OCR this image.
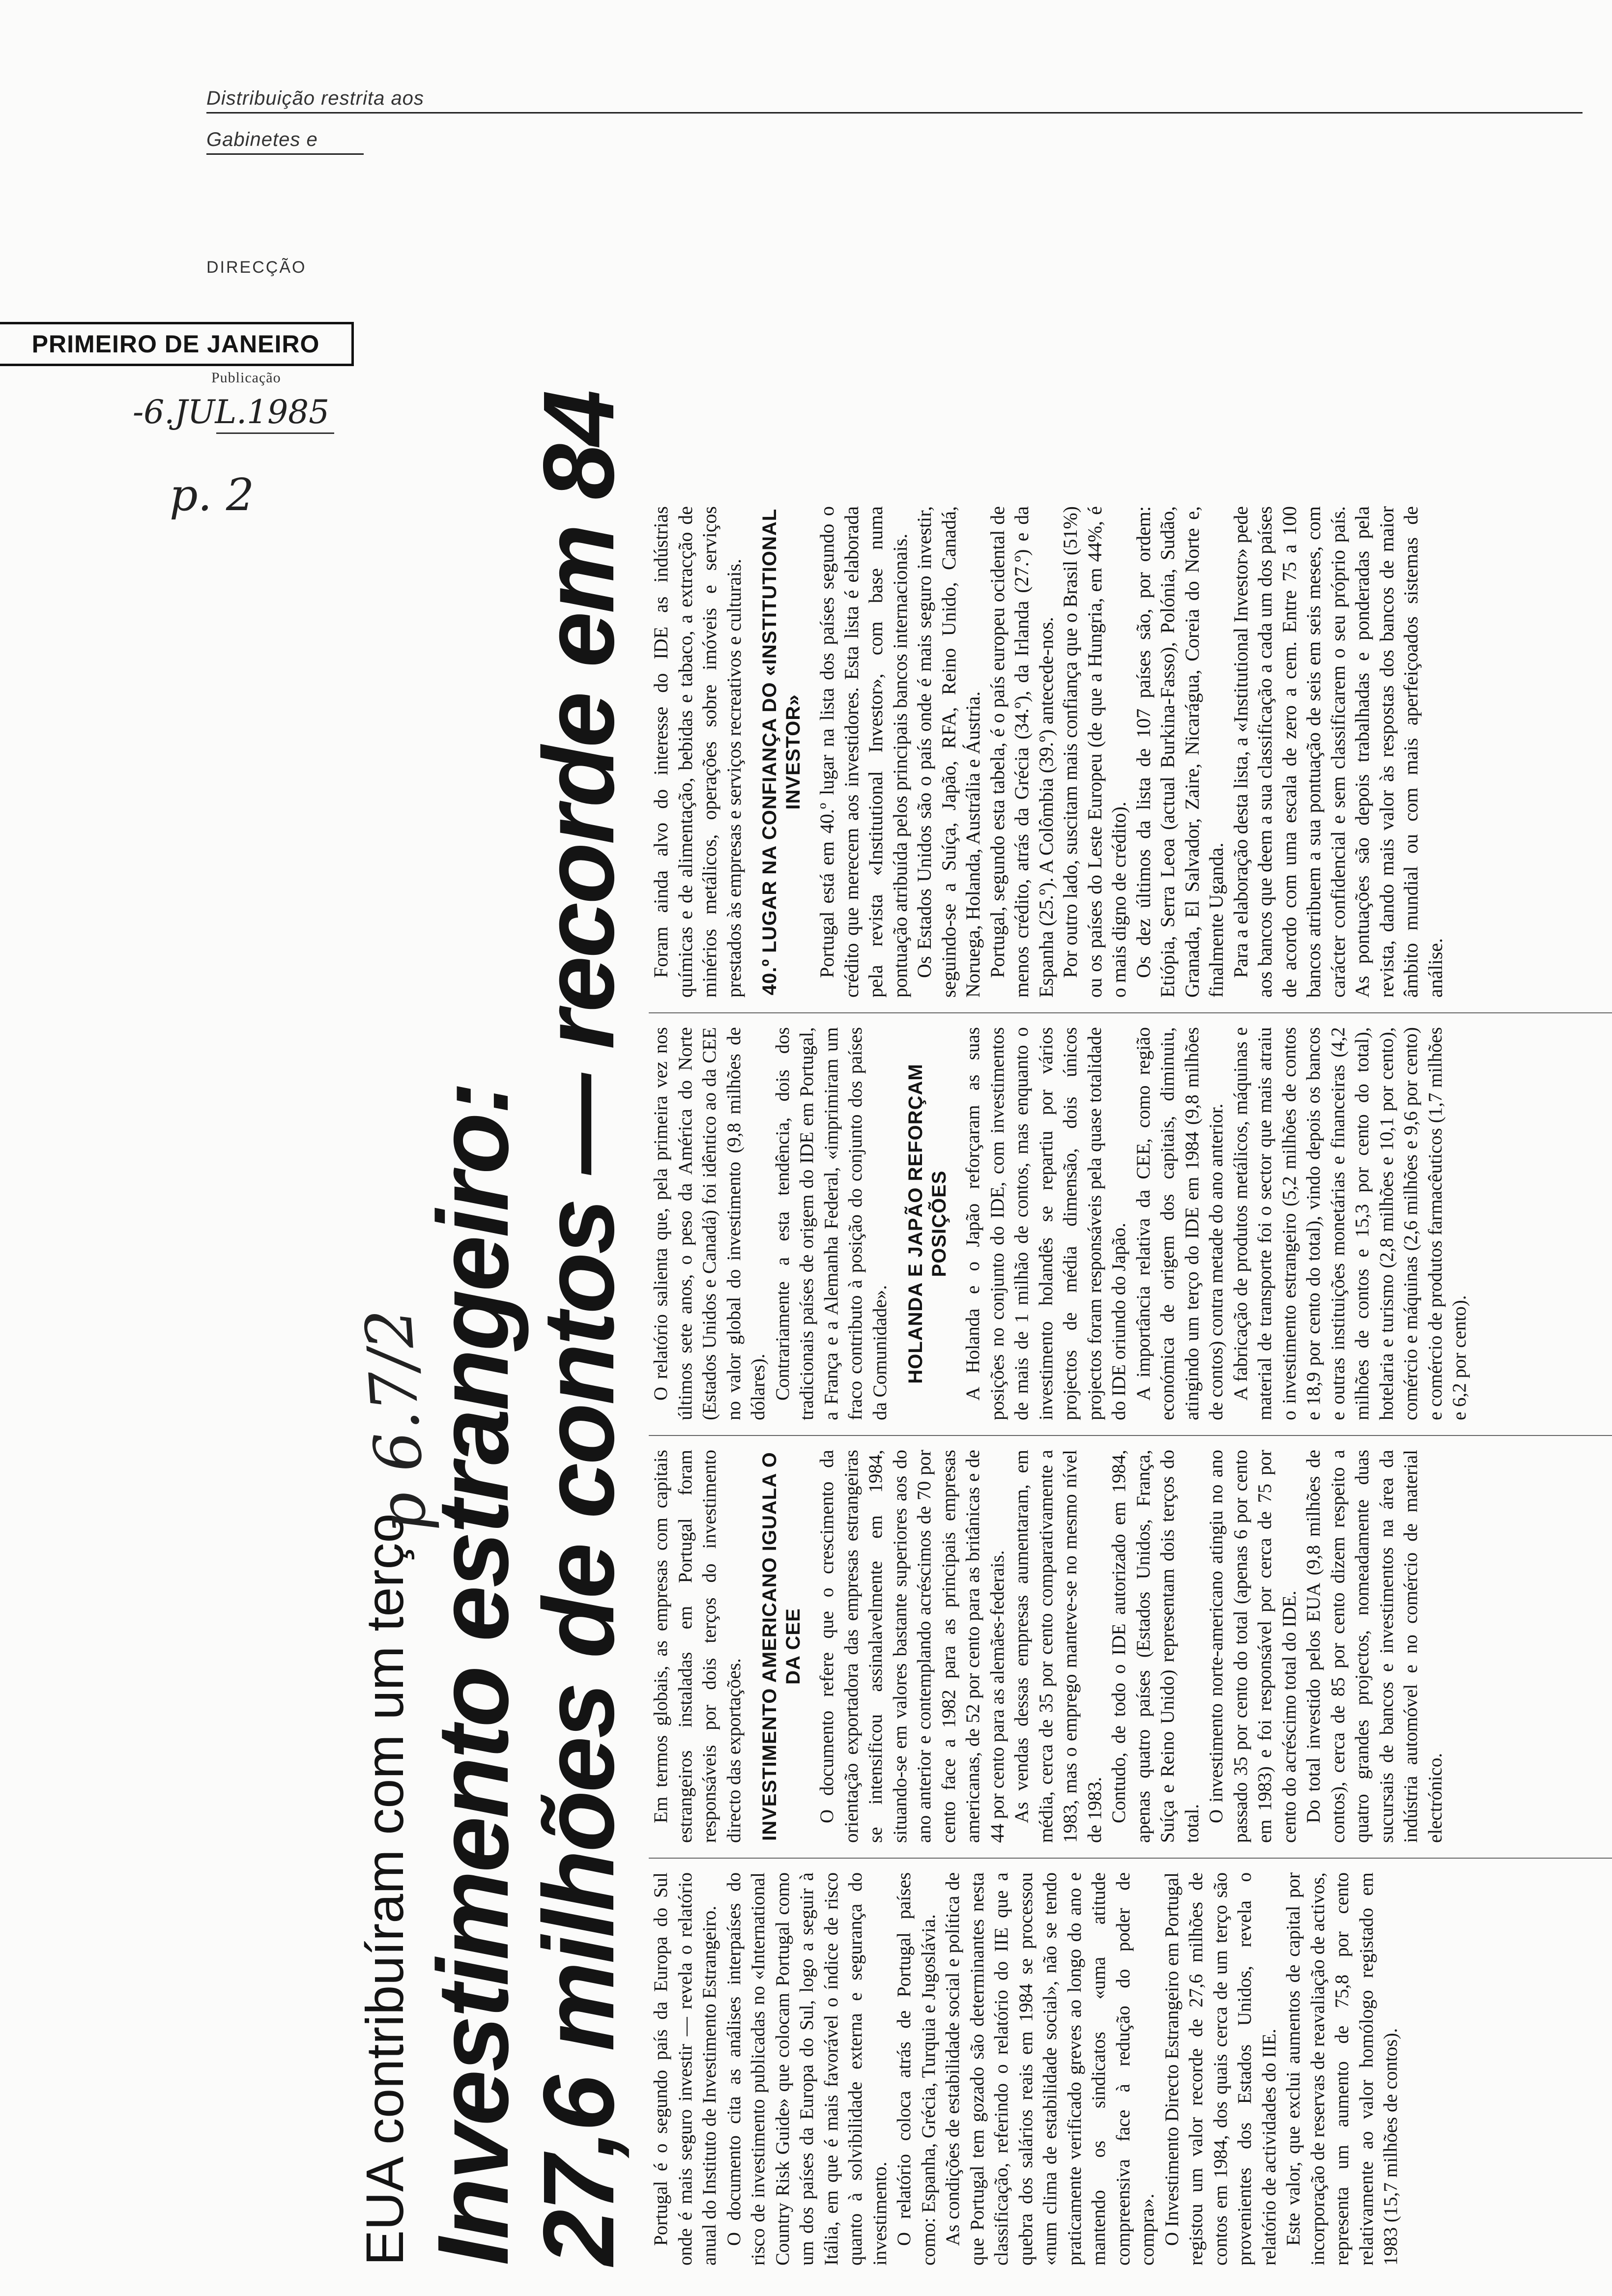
Distribuição restrita aos
Gabinetes e
DIRECÇÃO
PRIMEIRO DE JANEIRO
Publicação
-6.JUL.1985
p. 2
EUA contribuíram com um terço
p 6.7/2
Investimento estrangeiro:
27,6 milhões de contos — recorde em 84 Portugal é o segundo país da Europa do Sul onde é mais seguro investir — revela o relatório anual do Instituto de Investimento Estrangeiro. O documento cita as análises interpaíses do risco de investimento publicadas no «International Country Risk Guide» que colocam Portugal como um dos países da Europa do Sul, logo a seguir à Itália, em que é mais favorável o índice de risco quanto à solvibilidade externa e segurança do investimento. O relatório coloca atrás de Portugal países como: Espanha, Grécia, Turquia e Jugoslávia. As condições de estabilidade social e política de que Portugal tem gozado são determinantes nesta classificação, referindo o relatório do IIE que a quebra dos salários reais em 1984 se processou «num clima de estabilidade social», não se tendo praticamente verificado greves ao longo do ano e mantendo os sindicatos «uma atitude compreensiva face à redução do poder de compra». O Investimento Directo Estrangeiro em Portugal registou um valor recorde de 27,6 milhões de contos em 1984, dos quais cerca de um terço são provenientes dos Estados Unidos, revela o relatório de actividades do IIE. Este valor, que exclui aumentos de capital por incorporação de reservas de reavaliação de activos, representa um aumento de 75,8 por cento relativamente ao valor homólogo registado em 1983 (15,7 milhões de contos).

Em termos globais, as empresas com capitais estrangeiros instaladas em Portugal foram responsáveis por dois terços do investimento directo das exportações. INVESTIMENTO AMERICANO IGUALA O DA CEE O documento refere que o crescimento da orientação exportadora das empresas estrangeiras se intensificou assinalavelmente em 1984, situando-se em valores bastante superiores aos do ano anterior e contemplando acréscimos de 70 por cento face a 1982 para as principais empresas americanas, de 52 por cento para as britânicas e de 44 por cento para as alemães-federais. As vendas dessas empresas aumentaram, em média, cerca de 35 por cento comparativamente a 1983, mas o emprego manteve-se no mesmo nível de 1983. Contudo, de todo o IDE autorizado em 1984, apenas quatro países (Estados Unidos, França, Suíça e Reino Unido) representam dois terços do total.

O investimento norte-americano atingiu no ano passado 35 por cento do total (apenas 6 por cento em 1983) e foi responsável por cerca de 75 por cento do acréscimo total do IDE. Do total investido pelos EUA (9,8 milhões de contos), cerca de 85 por cento dizem respeito a quatro grandes projectos, nomeadamente duas sucursais de bancos e investimentos na área da indústria automóvel e no comércio de material electrónico.

O relatório salienta que, pela primeira vez nos últimos sete anos, o peso da América do Norte (Estados Unidos e Canadá) foi idêntico ao da CEE no valor global do investimento (9,8 milhões de dólares). Contrariamente a esta tendência, dois dos tradicionais países de origem do IDE em Portugal, a França e a Alemanha Federal, «imprimiram um fraco contributo à posição do conjunto dos países da Comunidade». HOLANDA E JAPÃO REFORÇAM POSIÇÕES A Holanda e o Japão reforçaram as suas posições no conjunto do IDE, com investimentos de mais de 1 milhão de contos, mas enquanto o investimento holandês se repartiu por vários projectos de média dimensão, dois únicos projectos foram responsáveis pela quase totalidade do IDE oriundo do Japão. A importância relativa da CEE, como região económica de origem dos capitais, diminuiu, atingindo um terço do IDE em 1984 (9,8 milhões de contos) contra metade do ano anterior. A fabricação de produtos metálicos, máquinas e material de transporte foi o sector que mais atraiu o investimento estrangeiro (5,2 milhões de contos e 18,9 por cento do total), vindo depois os bancos e outras instituições monetárias e financeiras (4,2 milhões de contos e 15,3 por cento do total), hotelaria e turismo (2,8 milhões e 10,1 por cento), comércio e máquinas (2,6 milhões e 9,6 por cento) e comércio de produtos farmacêuticos (1,7 milhões e 6,2 por cento).

Foram ainda alvo do interesse do IDE as indústrias químicas e de alimentação, bebidas e tabaco, a extracção de minérios metálicos, operações sobre imóveis e serviços prestados às empresas e serviços recreativos e culturais. 40.º LUGAR NA CONFIANÇA DO «INSTITUTIONAL INVESTOR» Portugal está em 40.º lugar na lista dos países segundo o crédito que merecem aos investidores. Esta lista é elaborada pela revista «Institutional Investor», com base numa pontuação atribuída pelos principais bancos internacionais. Os Estados Unidos são o país onde é mais seguro investir, seguindo-se a Suíça, Japão, RFA, Reino Unido, Canadá, Noruega, Holanda, Austrália e Áustria. Portugal, segundo esta tabela, é o país europeu ocidental de menos crédito, atrás da Grécia (34.º), da Irlanda (27.º) e da Espanha (25.º). A Colômbia (39.º) antecede-nos. Por outro lado, suscitam mais confiança que o Brasil (51%) ou os países do Leste Europeu (de que a Hungria, em 44%, é o mais digno de crédito). Os dez últimos da lista de 107 países são, por ordem: Etiópia, Serra Leoa (actual Burkina-Fasso), Polónia, Sudão, Granada, El Salvador, Zaire, Nicarágua, Coreia do Norte e, finalmente Uganda. Para a elaboração desta lista, a «Institutional Investor» pede aos bancos que deem a sua classificação a cada um dos países de acordo com uma escala de zero a cem. Entre 75 a 100 bancos atribuem a sua pontuação de seis em seis meses, com carácter confidencial e sem classificarem o seu próprio país. As pontuações são depois trabalhadas e ponderadas pela revista, dando mais valor às respostas dos bancos de maior âmbito mundial ou com mais aperfeiçoados sistemas de análise.
